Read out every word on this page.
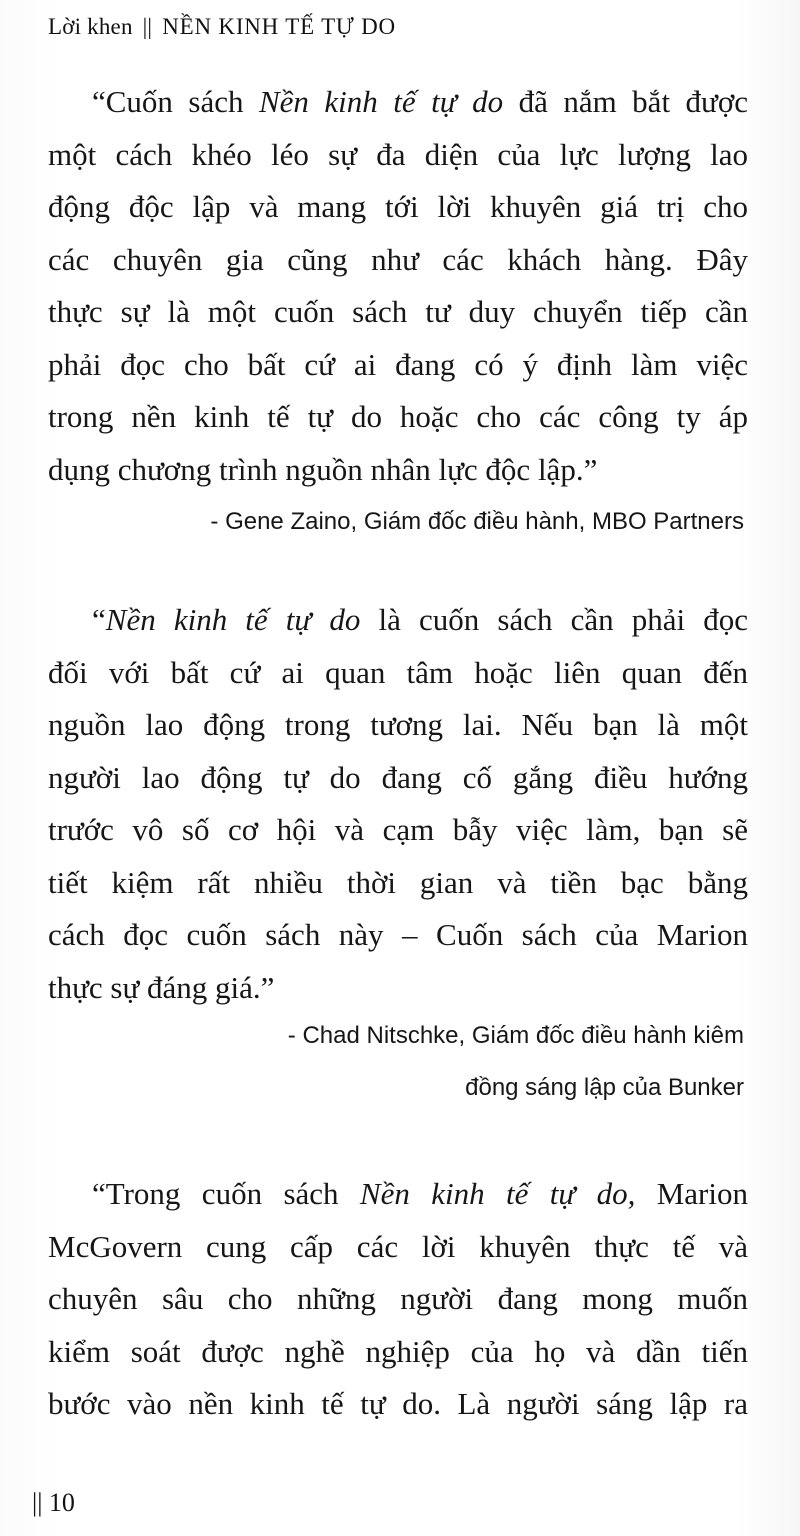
Lời khen || NỀN KINH TẾ TỰ DO
“Cuốn sách Nền kinh tế tự do đã nắm bắt được
một cách khéo léo sự đa diện của lực lượng lao
động độc lập và mang tới lời khuyên giá trị cho
các chuyên gia cũng như các khách hàng. Đây
thực sự là một cuốn sách tư duy chuyển tiếp cần
phải đọc cho bất cứ ai đang có ý định làm việc
trong nền kinh tế tự do hoặc cho các công ty áp
dụng chương trình nguồn nhân lực độc lập.”
- Gene Zaino, Giám đốc điều hành, MBO Partners
“Nền kinh tế tự do là cuốn sách cần phải đọc
đối với bất cứ ai quan tâm hoặc liên quan đến
nguồn lao động trong tương lai. Nếu bạn là một
người lao động tự do đang cố gắng điều hướng
trước vô số cơ hội và cạm bẫy việc làm, bạn sẽ
tiết kiệm rất nhiều thời gian và tiền bạc bằng
cách đọc cuốn sách này – Cuốn sách của Marion
thực sự đáng giá.”
- Chad Nitschke, Giám đốc điều hành kiêm
đồng sáng lập của Bunker
“Trong cuốn sách Nền kinh tế tự do, Marion
McGovern cung cấp các lời khuyên thực tế và
chuyên sâu cho những người đang mong muốn
kiểm soát được nghề nghiệp của họ và dần tiến
bước vào nền kinh tế tự do. Là người sáng lập ra
|| 10
